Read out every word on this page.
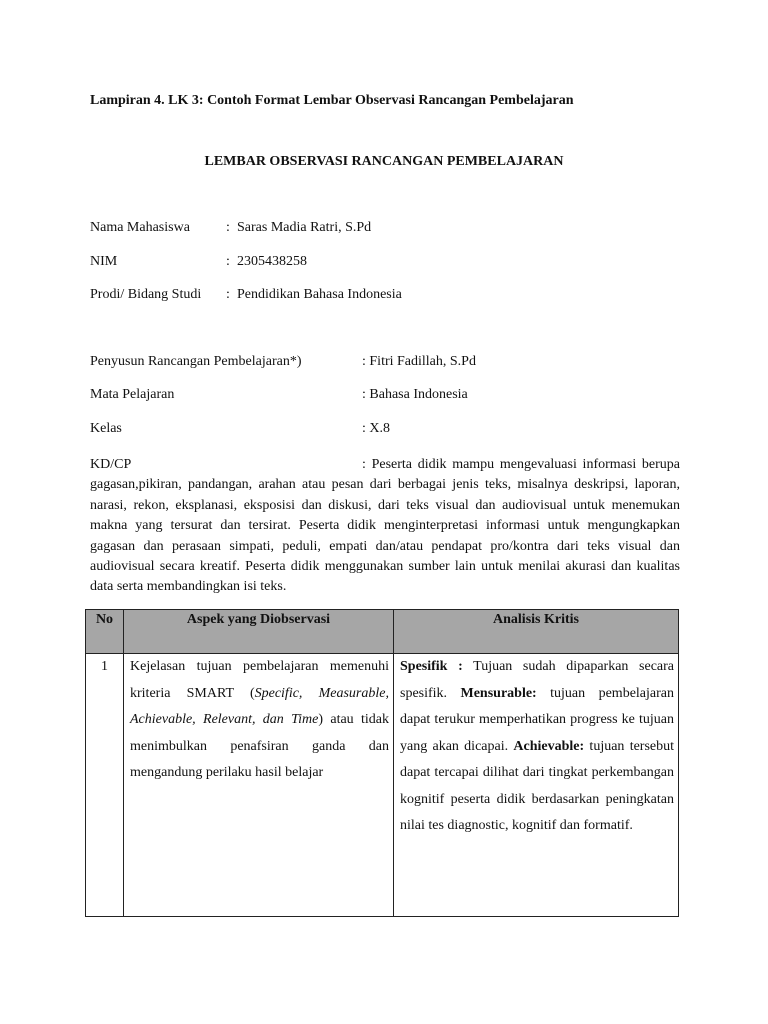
Lampiran 4. LK 3: Contoh Format Lembar Observasi Rancangan Pembelajaran
LEMBAR OBSERVASI RANCANGAN PEMBELAJARAN
Nama Mahasiswa	: Saras Madia Ratri, S.Pd
NIM	: 2305438258
Prodi/ Bidang Studi : Pendidikan Bahasa Indonesia
Penyusun Rancangan Pembelajaran*)	: Fitri Fadillah, S.Pd
Mata Pelajaran	: Bahasa Indonesia
Kelas	: X.8
KD/CP	: Peserta didik mampu mengevaluasi informasi berupa gagasan,pikiran, pandangan, arahan atau pesan dari berbagai jenis teks, misalnya deskripsi, laporan, narasi, rekon, eksplanasi, eksposisi dan diskusi, dari teks visual dan audiovisual untuk menemukan makna yang tersurat dan tersirat. Peserta didik menginterpretasi informasi untuk mengungkapkan gagasan dan perasaan simpati, peduli, empati dan/atau pendapat pro/kontra dari teks visual dan audiovisual secara kreatif. Peserta didik menggunakan sumber lain untuk menilai akurasi dan kualitas data serta membandingkan isi teks.
No	Aspek yang Diobservasi	Analisis Kritis
1	Kejelasan tujuan pembelajaran memenuhi kriteria SMART (Specific, Measurable, Achievable, Relevant, dan Time) atau tidak menimbulkan penafsiran ganda dan mengandung perilaku hasil belajar	Spesifik : Tujuan sudah dipaparkan secara spesifik. Mensurable: tujuan pembelajaran dapat terukur memperhatikan progress ke tujuan yang akan dicapai. Achievable: tujuan tersebut dapat tercapai dilihat dari tingkat perkembangan kognitif peserta didik berdasarkan peningkatan nilai tes diagnostic, kognitif dan formatif.
